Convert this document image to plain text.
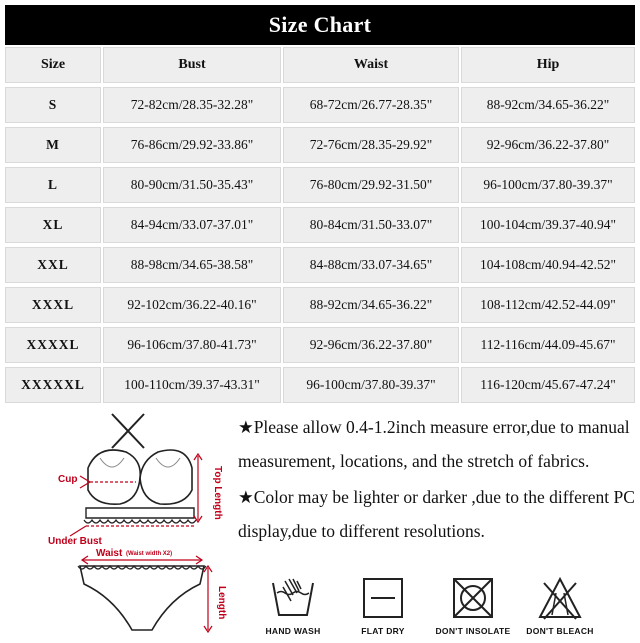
Size Chart
Size	Bust	Waist	Hip
S	72-82cm/28.35-32.28"	68-72cm/26.77-28.35"	88-92cm/34.65-36.22"
M	76-86cm/29.92-33.86"	72-76cm/28.35-29.92"	92-96cm/36.22-37.80"
L	80-90cm/31.50-35.43"	76-80cm/29.92-31.50"	96-100cm/37.80-39.37"
XL	84-94cm/33.07-37.01"	80-84cm/31.50-33.07"	100-104cm/39.37-40.94"
XXL	88-98cm/34.65-38.58"	84-88cm/33.07-34.65"	104-108cm/40.94-42.52"
XXXL	92-102cm/36.22-40.16"	88-92cm/34.65-36.22"	108-112cm/42.52-44.09"
XXXXL	96-106cm/37.80-41.73"	92-96cm/36.22-37.80"	112-116cm/44.09-45.67"
XXXXXL	100-110cm/39.37-43.31"	96-100cm/37.80-39.37"	116-120cm/45.67-47.24"
Cup
Under Bust
Top Length
Waist (Waist width X2)
Length

★Please allow 0.4-1.2inch measure error,due to manual measurement, locations, and the stretch of fabrics.

★Color may be lighter or darker ,due to the different PC display,due to different resolutions.

HAND WASH	FLAT DRY	DON'T INSOLATE	DON'T BLEACH
